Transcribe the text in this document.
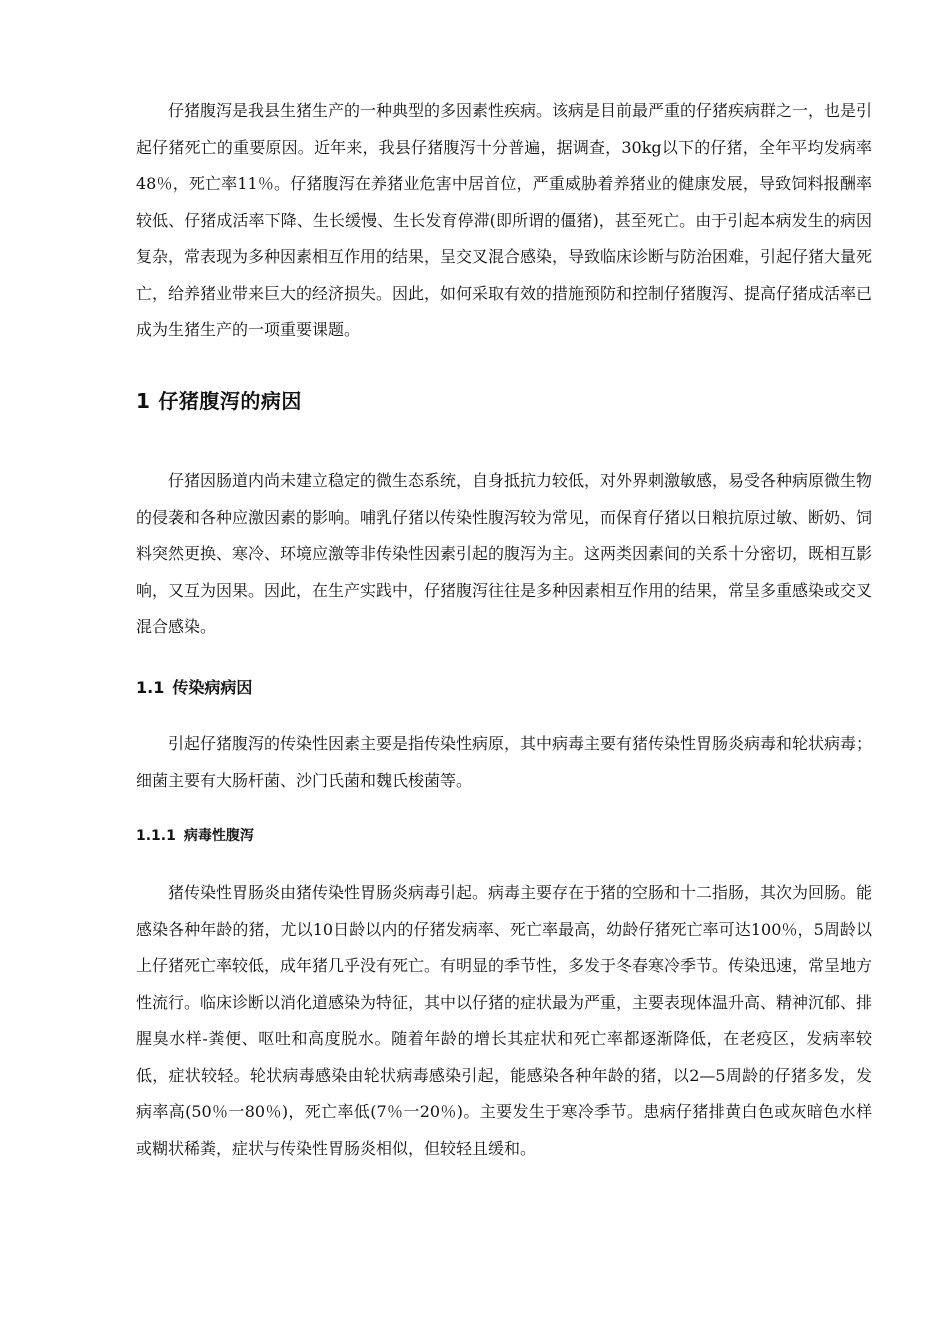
仔猪腹泻是我县生猪生产的一种典型的多因素性疾病。该病是目前最严重的仔猪疾病群之一，也是引起仔猪死亡的重要原因。近年来，我县仔猪腹泻十分普遍，据调查，30kg以下的仔猪，全年平均发病率48％，死亡率11％。仔猪腹泻在养猪业危害中居首位，严重威胁着养猪业的健康发展，导致饲料报酬率较低、仔猪成活率下降、生长缓慢、生长发育停滞(即所谓的僵猪)，甚至死亡。由于引起本病发生的病因复杂，常表现为多种因素相互作用的结果，呈交叉混合感染，导致临床诊断与防治困难，引起仔猪大量死亡，给养猪业带来巨大的经济损失。因此，如何采取有效的措施预防和控制仔猪腹泻、提高仔猪成活率已成为生猪生产的一项重要课题。

1 仔猪腹泻的病因

仔猪因肠道内尚未建立稳定的微生态系统，自身抵抗力较低，对外界刺激敏感，易受各种病原微生物的侵袭和各种应激因素的影响。哺乳仔猪以传染性腹泻较为常见，而保育仔猪以日粮抗原过敏、断奶、饲料突然更换、寒冷、环境应激等非传染性因素引起的腹泻为主。这两类因素间的关系十分密切，既相互影响，又互为因果。因此，在生产实践中，仔猪腹泻往往是多种因素相互作用的结果，常呈多重感染或交叉混合感染。

1.1 传染病病因

引起仔猪腹泻的传染性因素主要是指传染性病原，其中病毒主要有猪传染性胃肠炎病毒和轮状病毒；细菌主要有大肠杆菌、沙门氏菌和魏氏梭菌等。

1.1.1 病毒性腹泻

猪传染性胃肠炎由猪传染性胃肠炎病毒引起。病毒主要存在于猪的空肠和十二指肠，其次为回肠。能感染各种年龄的猪，尤以10日龄以内的仔猪发病率、死亡率最高，幼龄仔猪死亡率可达100％，5周龄以上仔猪死亡率较低，成年猪几乎没有死亡。有明显的季节性，多发于冬春寒冷季节。传染迅速，常呈地方性流行。临床诊断以消化道感染为特征，其中以仔猪的症状最为严重，主要表现体温升高、精神沉郁、排腥臭水样-粪便、呕吐和高度脱水。随着年龄的增长其症状和死亡率都逐渐降低，在老疫区，发病率较低，症状较轻。轮状病毒感染由轮状病毒感染引起，能感染各种年龄的猪，以2—5周龄的仔猪多发，发病率高(50％一80％)，死亡率低(7％一20％)。主要发生于寒冷季节。患病仔猪排黄白色或灰暗色水样或糊状稀粪，症状与传染性胃肠炎相似，但较轻且缓和。
